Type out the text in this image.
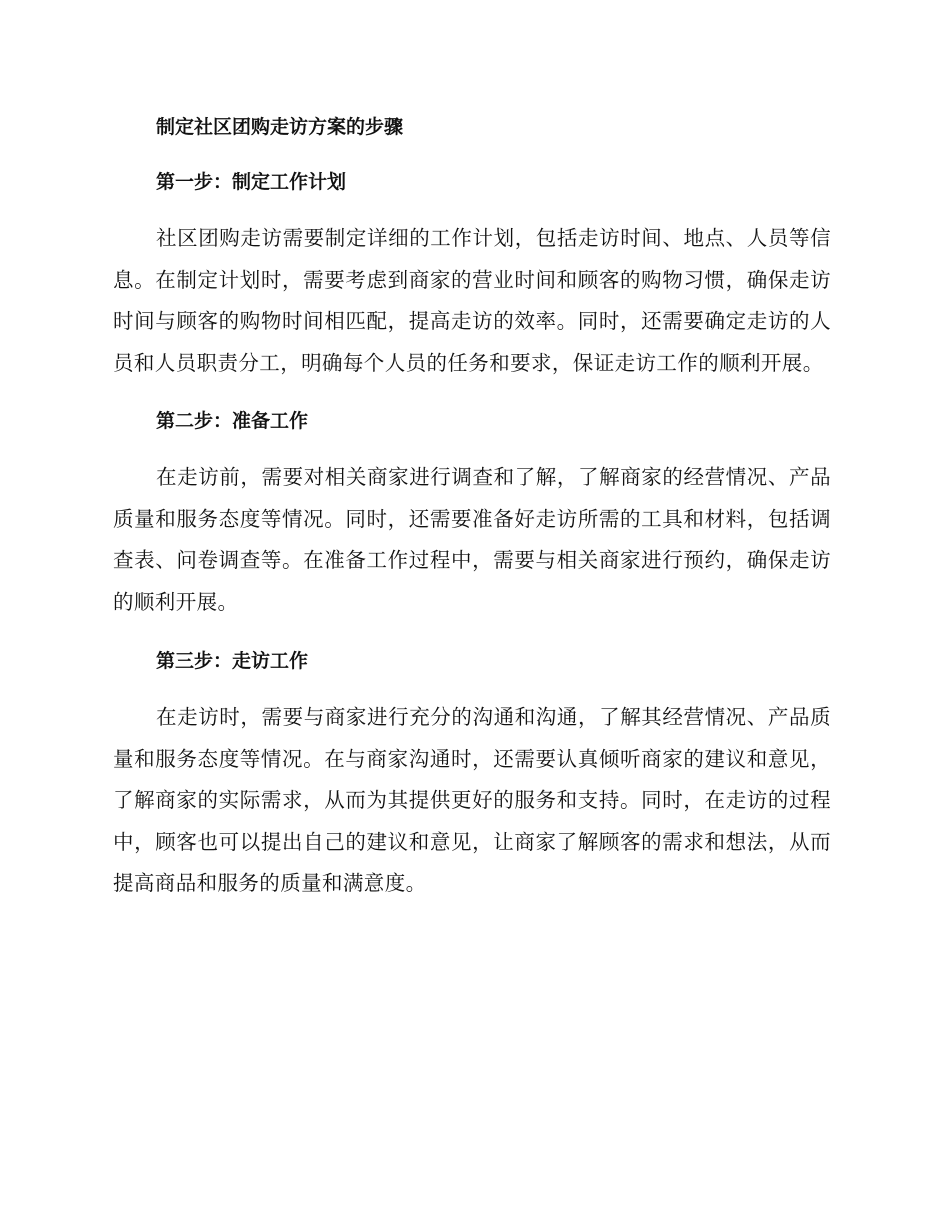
制定社区团购走访方案的步骤
第一步：制定工作计划

社区团购走访需要制定详细的工作计划，包括走访时间、地点、人员等信息。在制定计划时，需要考虑到商家的营业时间和顾客的购物习惯，确保走访时间与顾客的购物时间相匹配，提高走访的效率。同时，还需要确定走访的人员和人员职责分工，明确每个人员的任务和要求，保证走访工作的顺利开展。

第二步：准备工作

在走访前，需要对相关商家进行调查和了解，了解商家的经营情况、产品质量和服务态度等情况。同时，还需要准备好走访所需的工具和材料，包括调查表、问卷调查等。在准备工作过程中，需要与相关商家进行预约，确保走访的顺利开展。

第三步：走访工作

在走访时，需要与商家进行充分的沟通和沟通，了解其经营情况、产品质量和服务态度等情况。在与商家沟通时，还需要认真倾听商家的建议和意见，了解商家的实际需求，从而为其提供更好的服务和支持。同时，在走访的过程中，顾客也可以提出自己的建议和意见，让商家了解顾客的需求和想法，从而提高商品和服务的质量和满意度。
